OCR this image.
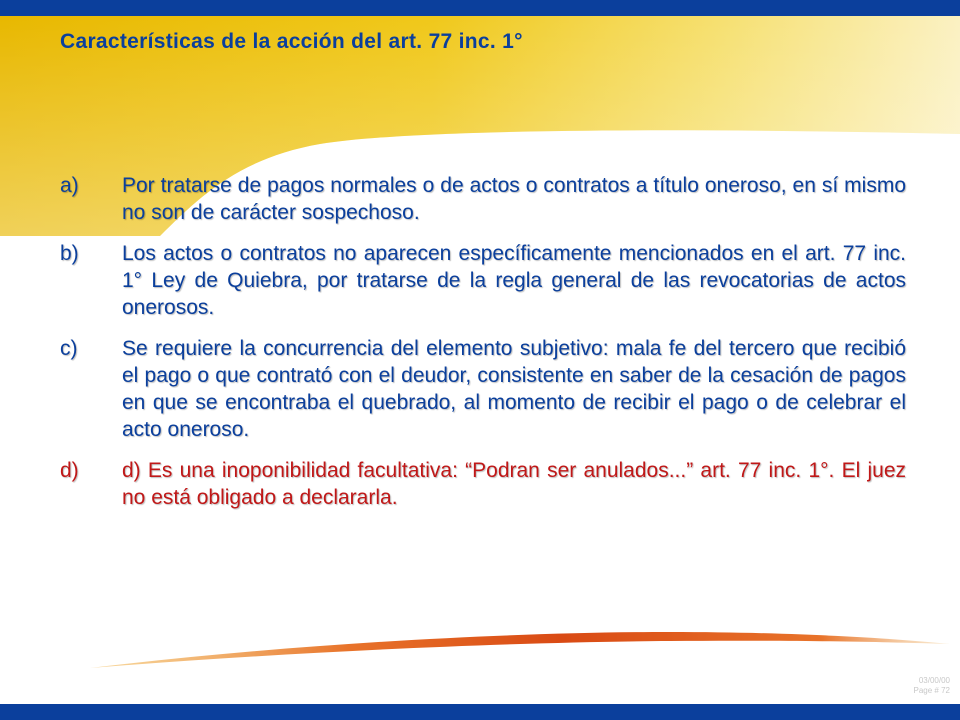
Características de la acción del art. 77 inc. 1°
a)	Por tratarse de pagos normales o de actos o contratos a título oneroso, en sí mismo no son de carácter sospechoso.
b)	Los actos o contratos no aparecen específicamente mencionados en el art. 77 inc. 1° Ley de Quiebra, por tratarse de la regla general de las revocatorias de actos onerosos.
c)	Se requiere la concurrencia del elemento subjetivo: mala fe del tercero que recibió el pago o que contrató con el deudor, consistente en saber de la cesación de pagos en que se encontraba el quebrado, al momento de recibir el pago o de celebrar el acto oneroso.
d)	d) Es una inoponibilidad facultativa: “Podran ser anulados...” art. 77 inc. 1°. El juez no está obligado a declararla.
03/00/00
Page # 72
